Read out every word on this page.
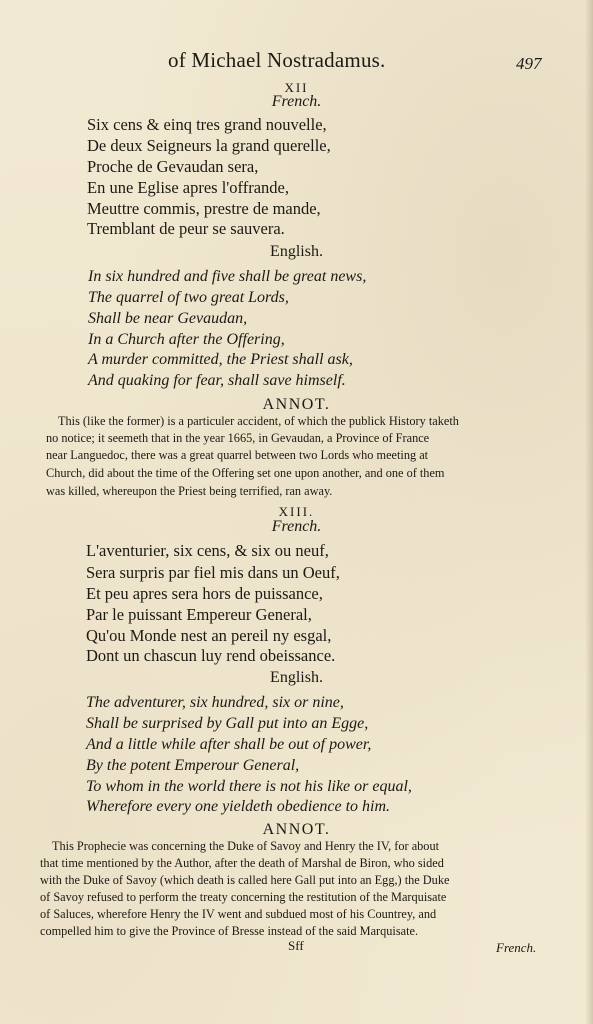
of Michael Nostradamus.	497
XII
French.
Six cens & einq tres grand nouvelle,
De deux Seigneurs la grand querelle,
Proche de Gevaudan sera,
En une Eglise apres l'offrande,
Meuttre commis, prestre de mande,
Tremblant de peur se sauvera.
English.
In six hundred and five shall be great news,
The quarrel of two great Lords,
Shall be near Gevaudan,
In a Church after the Offering,
A murder committed, the Priest shall ask,
And quaking for fear, shall save himself.
ANNOT.
This (like the former) is a particuler accident, of which the publick History taketh
no notice; it seemeth that in the year 1665, in Gevaudan, a Province of France
near Languedoc, there was a great quarrel between two Lords who meeting at
Church, did about the time of the Offering set one upon another, and one of them
was killed, whereupon the Priest being terrified, ran away.
XIII.
French.
L'aventurier, six cens, & six ou neuf,
Sera surpris par fiel mis dans un Oeuf,
Et peu apres sera hors de puissance,
Par le puissant Empereur General,
Qu'ou Monde nest an pereil ny esgal,
Dont un chascun luy rend obeissance.
English.
The adventurer, six hundred, six or nine,
Shall be surprised by Gall put into an Egge,
And a little while after shall be out of power,
By the potent Emperour General,
To whom in the world there is not his like or equal,
Wherefore every one yieldeth obedience to him.
ANNOT.
This Prophecie was concerning the Duke of Savoy and Henry the IV, for about
that time mentioned by the Author, after the death of Marshal de Biron, who sided
with the Duke of Savoy (which death is called here Gall put into an Egg,) the Duke
of Savoy refused to perform the treaty concerning the restitution of the Marquisate
of Saluces, wherefore Henry the IV went and subdued most of his Countrey, and
compelled him to give the Province of Bresse instead of the said Marquisate.
Sff	French.
